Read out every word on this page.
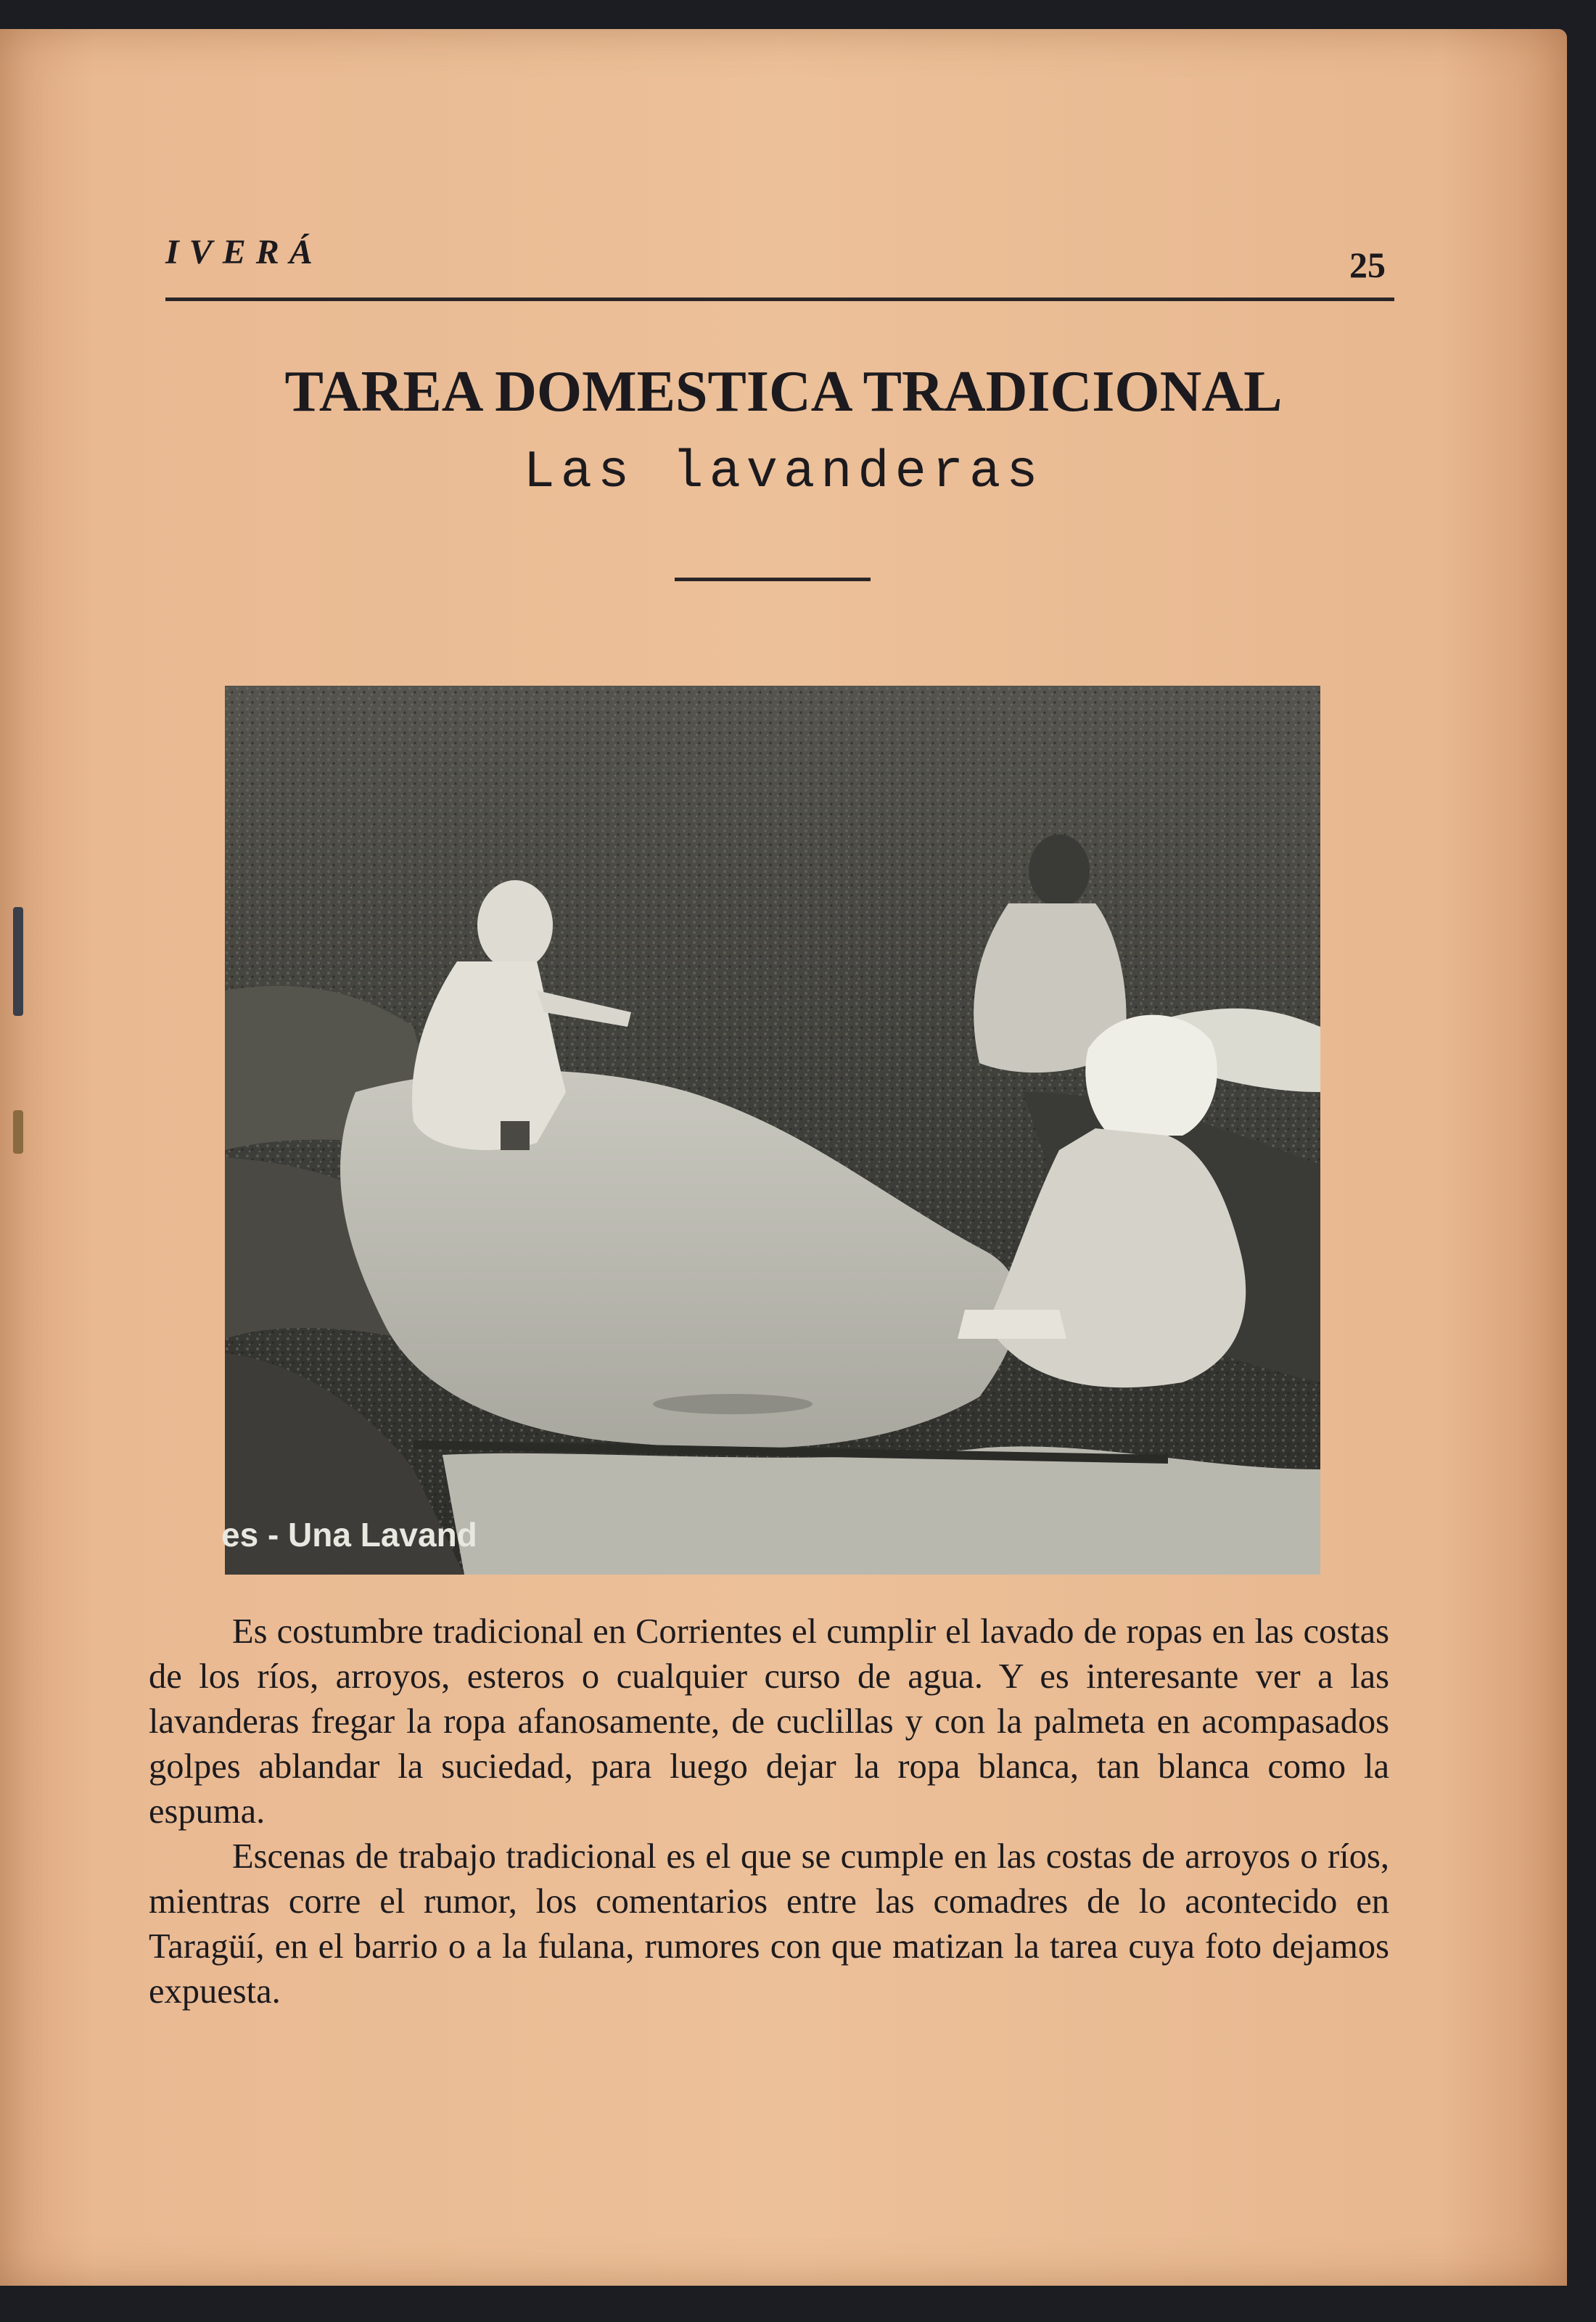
IVERÁ	25
TAREA DOMESTICA TRADICIONAL
Las lavanderas
es - Una Lavand

Es costumbre tradicional en Corrientes el cumplir el lavado de ropas en las costas de los ríos, arroyos, esteros o cualquier curso de agua. Y es interesante ver a las lavanderas fregar la ropa afanosamente, de cuclillas y con la palmeta en acompasados golpes ablandar la suciedad, para luego dejar la ropa blanca, tan blanca como la espuma.

Escenas de trabajo tradicional es el que se cumple en las costas de arroyos o ríos, mientras corre el rumor, los comentarios entre las comadres de lo acontecido en Taragüí, en el barrio o a la fulana, rumores con que matizan la tarea cuya foto dejamos expuesta.
